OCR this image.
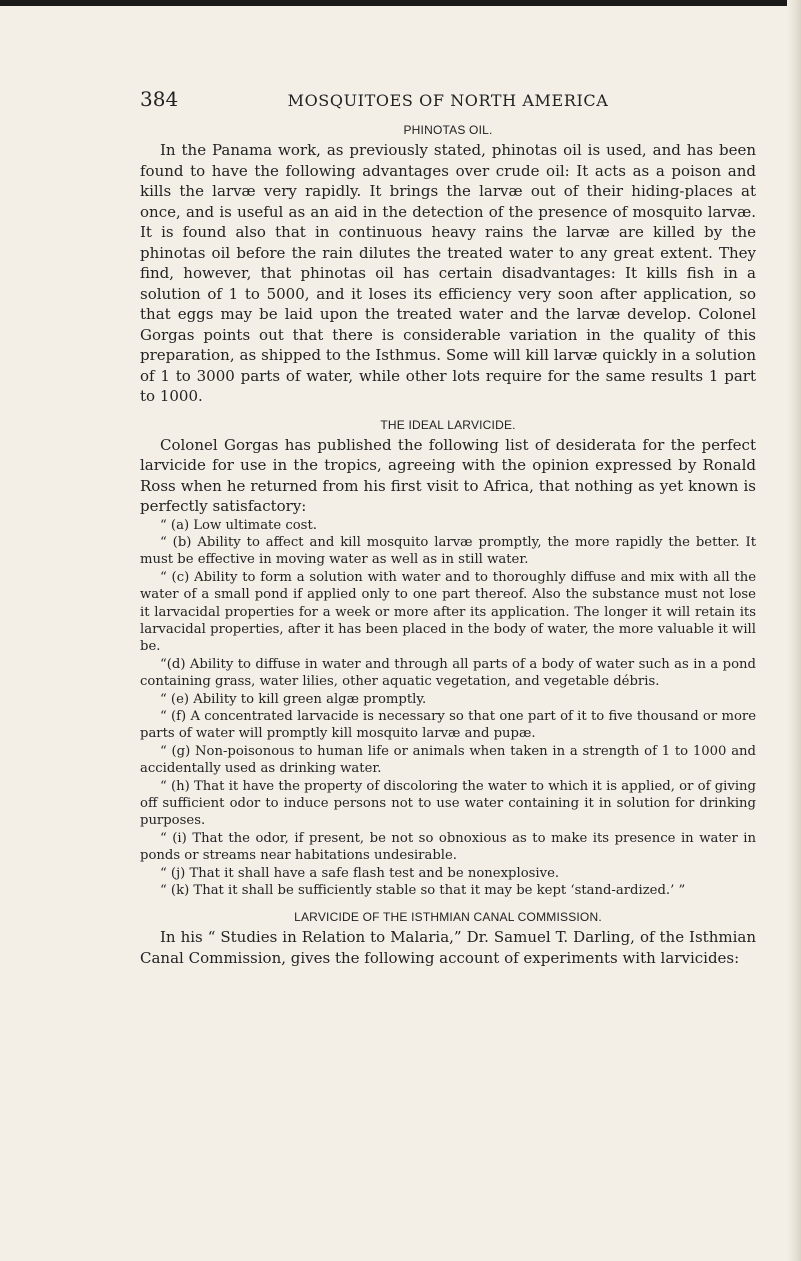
384	MOSQUITOES OF NORTH AMERICA
PHINOTAS OIL.

In the Panama work, as previously stated, phinotas oil is used, and has been found to have the following advantages over crude oil: It acts as a poison and kills the larvæ very rapidly. It brings the larvæ out of their hiding-places at once, and is useful as an aid in the detection of the presence of mosquito larvæ. It is found also that in continuous heavy rains the larvæ are killed by the phinotas oil before the rain dilutes the treated water to any great extent. They find, however, that phinotas oil has certain disadvantages: It kills fish in a solution of 1 to 5000, and it loses its efficiency very soon after application, so that eggs may be laid upon the treated water and the larvæ develop. Colonel Gorgas points out that there is considerable variation in the quality of this preparation, as shipped to the Isthmus. Some will kill larvæ quickly in a solution of 1 to 3000 parts of water, while other lots require for the same results 1 part to 1000.

THE IDEAL LARVICIDE.

Colonel Gorgas has published the following list of desiderata for the perfect larvicide for use in the tropics, agreeing with the opinion expressed by Ronald Ross when he returned from his first visit to Africa, that nothing as yet known is perfectly satisfactory:

“ (a) Low ultimate cost.

“ (b) Ability to affect and kill mosquito larvæ promptly, the more rapidly the better. It must be effective in moving water as well as in still water.

“ (c) Ability to form a solution with water and to thoroughly diffuse and mix with all the water of a small pond if applied only to one part thereof. Also the substance must not lose it larvacidal properties for a week or more after its application. The longer it will retain its larvacidal properties, after it has been placed in the body of water, the more valuable it will be.

“(d) Ability to diffuse in water and through all parts of a body of water such as in a pond containing grass, water lilies, other aquatic vegetation, and vegetable débris.

“ (e) Ability to kill green algæ promptly.

“ (f) A concentrated larvacide is necessary so that one part of it to five thousand or more parts of water will promptly kill mosquito larvæ and pupæ.

“ (g) Non-poisonous to human life or animals when taken in a strength of 1 to 1000 and accidentally used as drinking water.

“ (h) That it have the property of discoloring the water to which it is applied, or of giving off sufficient odor to induce persons not to use water containing it in solution for drinking purposes.

“ (i) That the odor, if present, be not so obnoxious as to make its presence in water in ponds or streams near habitations undesirable.

“ (j) That it shall have a safe flash test and be nonexplosive.

“ (k) That it shall be sufficiently stable so that it may be kept ‘stand-ardized.’ ”

LARVICIDE OF THE ISTHMIAN CANAL COMMISSION.

In his “ Studies in Relation to Malaria,” Dr. Samuel T. Darling, of the Isthmian Canal Commission, gives the following account of experiments with larvicides:
